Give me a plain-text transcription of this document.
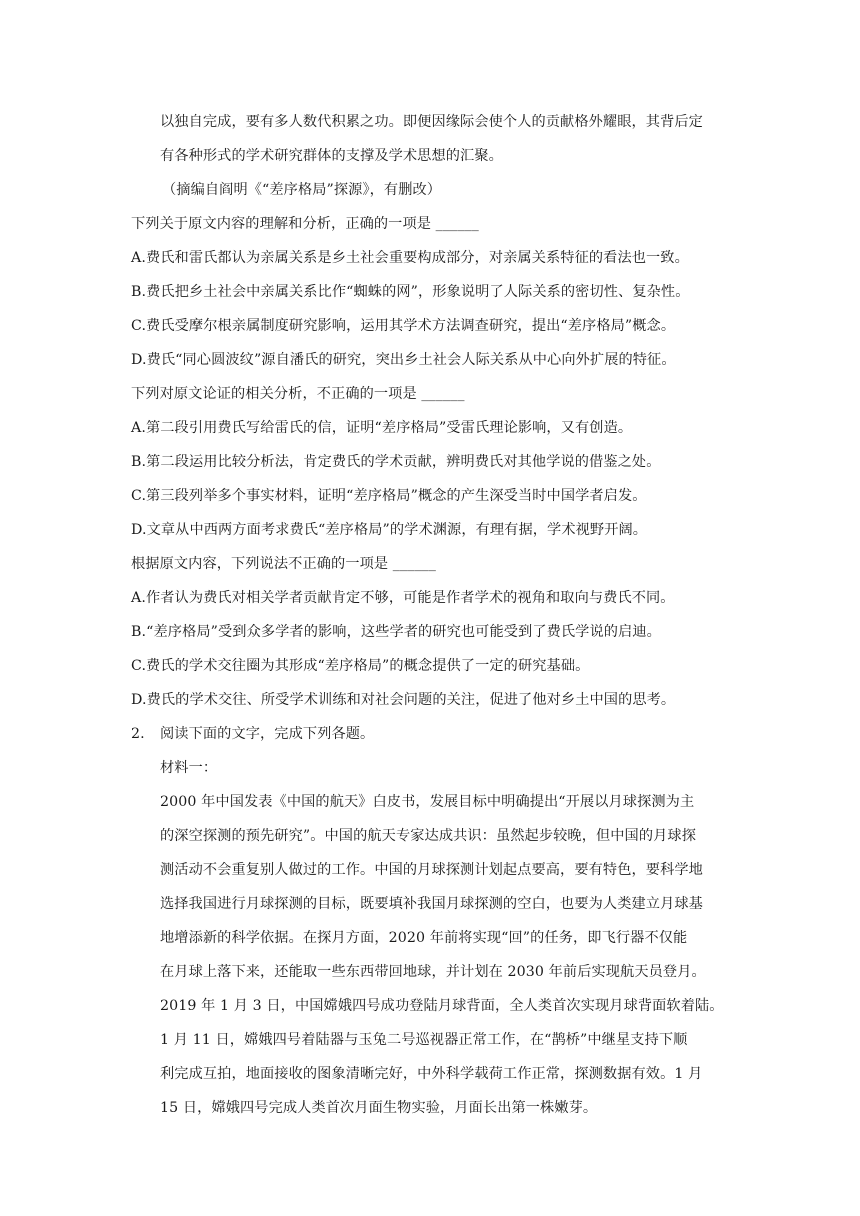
以独自完成，要有多人数代积累之功。即便因缘际会使个人的贡献格外耀眼，其背后定
有各种形式的学术研究群体的支撑及学术思想的汇聚。
（摘编自阎明《“差序格局”探源》，有删改）
下列关于原文内容的理解和分析，正确的一项是 ______
A.费氏和雷氏都认为亲属关系是乡土社会重要构成部分，对亲属关系特征的看法也一致。
B.费氏把乡土社会中亲属关系比作“蜘蛛的网”，形象说明了人际关系的密切性、复杂性。
C.费氏受摩尔根亲属制度研究影响，运用其学术方法调查研究，提出“差序格局”概念。
D.费氏“同心圆波纹”源自潘氏的研究，突出乡土社会人际关系从中心向外扩展的特征。
下列对原文论证的相关分析，不正确的一项是 ______
A.第二段引用费氏写给雷氏的信，证明“差序格局”受雷氏理论影响，又有创造。
B.第二段运用比较分析法，肯定费氏的学术贡献，辨明费氏对其他学说的借鉴之处。
C.第三段列举多个事实材料，证明“差序格局”概念的产生深受当时中国学者启发。
D.文章从中西两方面考求费氏“差序格局”的学术渊源，有理有据，学术视野开阔。
根据原文内容，下列说法不正确的一项是 ______
A.作者认为费氏对相关学者贡献肯定不够，可能是作者学术的视角和取向与费氏不同。
B.“差序格局”受到众多学者的影响，这些学者的研究也可能受到了费氏学说的启迪。
C.费氏的学术交往圈为其形成“差序格局”的概念提供了一定的研究基础。
D.费氏的学术交往、所受学术训练和对社会问题的关注，促进了他对乡土中国的思考。
2. 阅读下面的文字，完成下列各题。
材料一：
2000 年中国发表《中国的航天》白皮书，发展目标中明确提出“开展以月球探测为主
的深空探测的预先研究”。中国的航天专家达成共识：虽然起步较晚，但中国的月球探
测活动不会重复别人做过的工作。中国的月球探测计划起点要高，要有特色，要科学地
选择我国进行月球探测的目标，既要填补我国月球探测的空白，也要为人类建立月球基
地增添新的科学依据。在探月方面，2020 年前将实现“回”的任务，即飞行器不仅能
在月球上落下来，还能取一些东西带回地球，并计划在 2030 年前后实现航天员登月。
2019 年 1 月 3 日，中国嫦娥四号成功登陆月球背面，全人类首次实现月球背面软着陆。
1 月 11 日，嫦娥四号着陆器与玉兔二号巡视器正常工作，在“鹊桥”中继星支持下顺
利完成互拍，地面接收的图象清晰完好，中外科学载荷工作正常，探测数据有效。1 月
15 日，嫦娥四号完成人类首次月面生物实验，月面长出第一株嫩芽。
